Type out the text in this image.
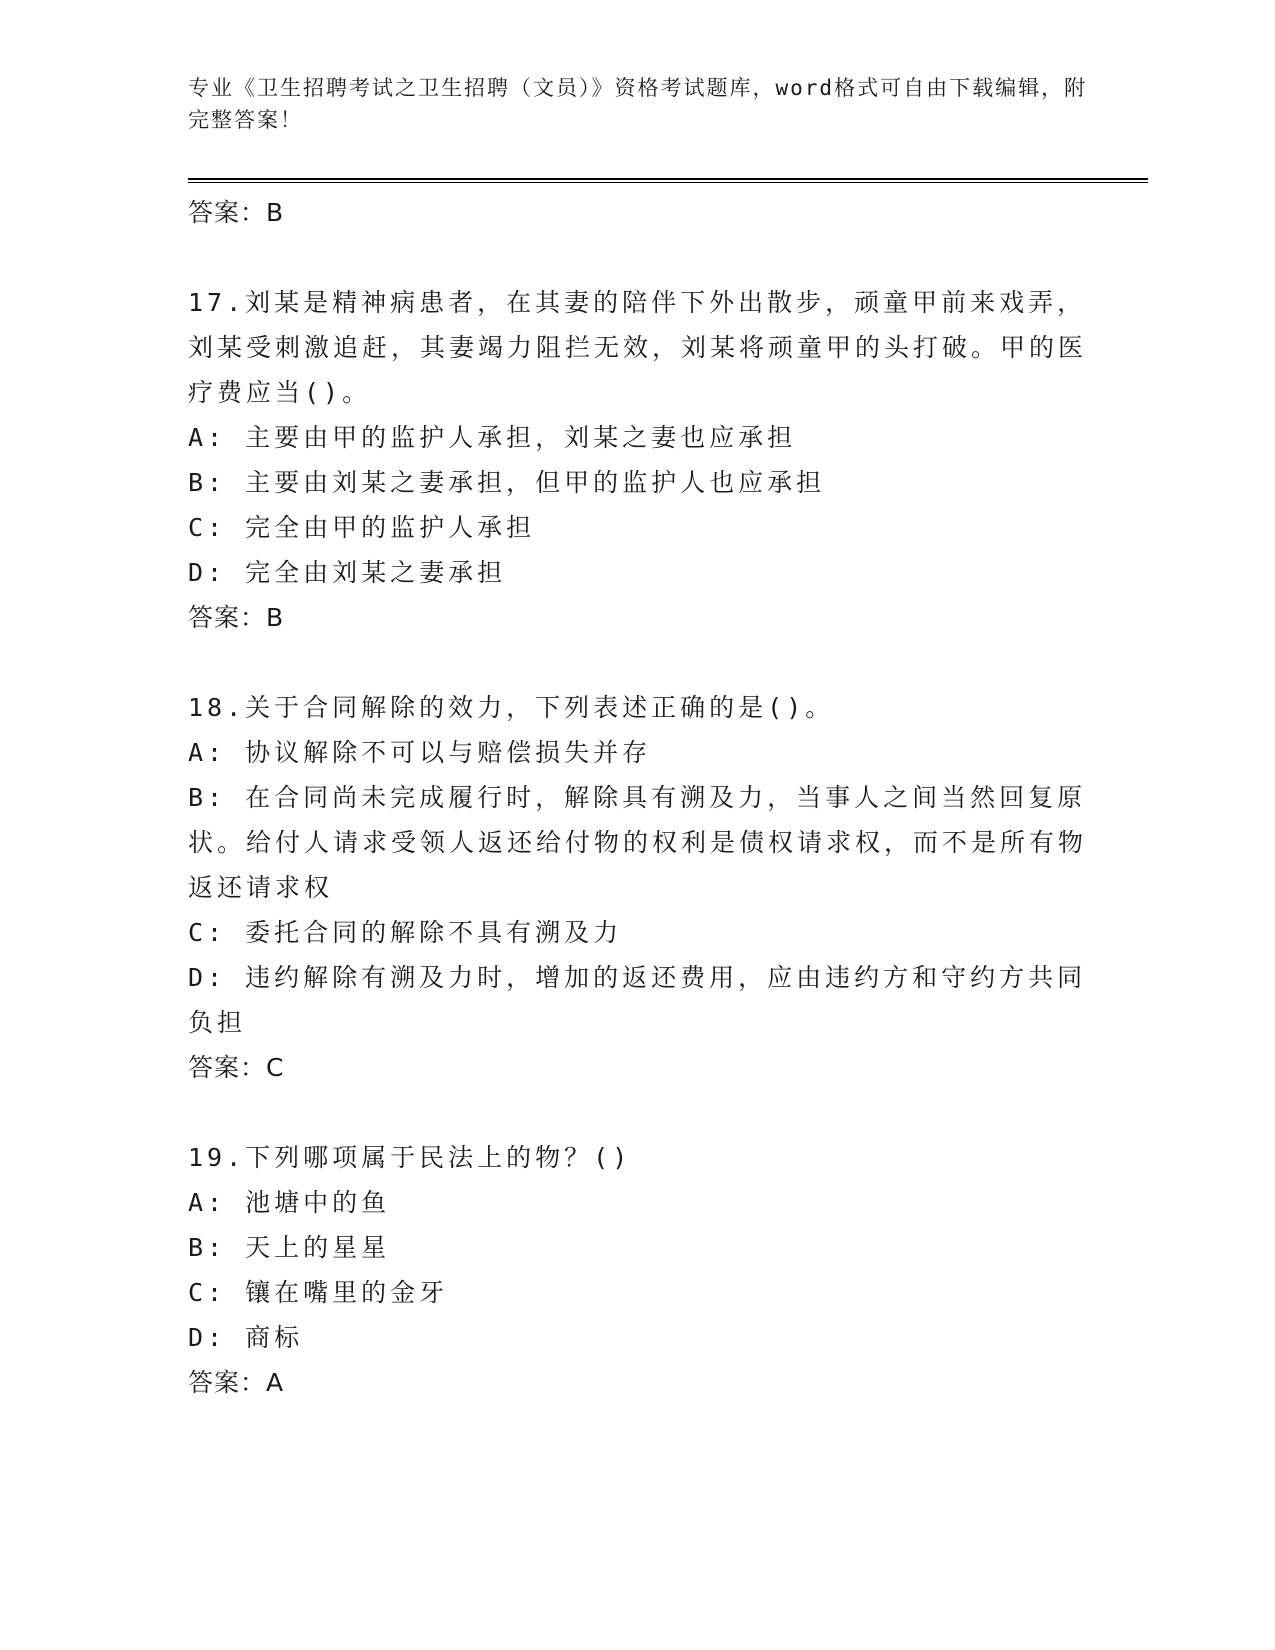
专业《卫生招聘考试之卫生招聘（文员）》资格考试题库，word格式可自由下载编辑，附完整答案！

答案：B

17.刘某是精神病患者，在其妻的陪伴下外出散步，顽童甲前来戏弄，刘某受刺激追赶，其妻竭力阻拦无效，刘某将顽童甲的头打破。甲的医疗费应当()。

A: 主要由甲的监护人承担，刘某之妻也应承担

B: 主要由刘某之妻承担，但甲的监护人也应承担

C: 完全由甲的监护人承担

D: 完全由刘某之妻承担

答案：B

18.关于合同解除的效力，下列表述正确的是()。

A: 协议解除不可以与赔偿损失并存

B: 在合同尚未完成履行时，解除具有溯及力，当事人之间当然回复原状。给付人请求受领人返还给付物的权利是债权请求权，而不是所有物返还请求权

C: 委托合同的解除不具有溯及力

D: 违约解除有溯及力时，增加的返还费用，应由违约方和守约方共同负担

答案：C

19.下列哪项属于民法上的物？()

A: 池塘中的鱼

B: 天上的星星

C: 镶在嘴里的金牙

D: 商标

答案：A
